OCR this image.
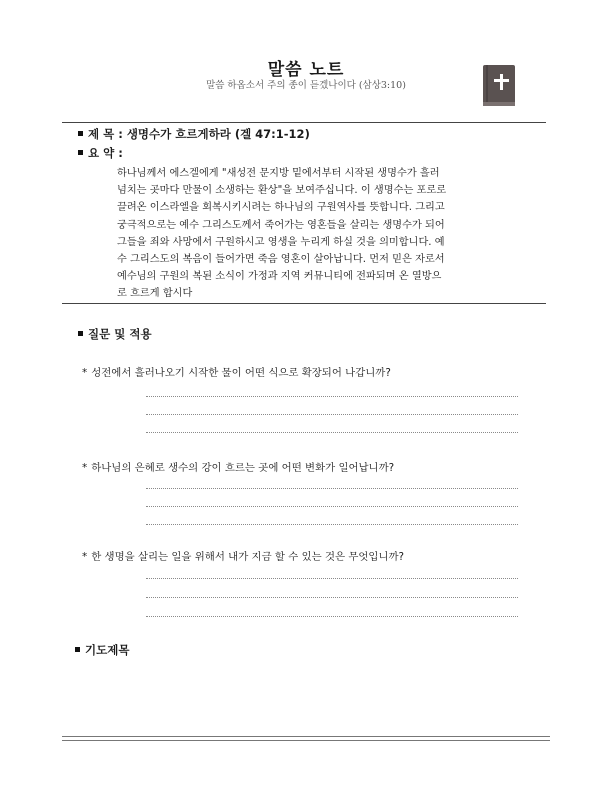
말씀 노트
말씀 하옵소서 주의 종이 듣겠나이다 (삼상3:10)
제 목 : 생명수가 흐르게하라 (겔 47:1-12)
요 약 :
하나님께서 에스겔에게 "새성전 문지방 밑에서부터 시작된 생명수가 흘러
넘치는 곳마다 만물이 소생하는 환상"을 보여주십니다. 이 생명수는 포로로
끌려온 이스라엘을 회복시키시려는 하나님의 구원역사를 뜻합니다. 그리고
궁극적으로는 예수 그리스도께서 죽어가는 영혼들을 살리는 생명수가 되어
그들을 죄와 사망에서 구원하시고 영생을 누리게 하실 것을 의미합니다. 예
수 그리스도의 복음이 들어가면 죽음 영혼이 살아납니다. 먼저 믿은 자로서
예수님의 구원의 복된 소식이 가정과 지역 커뮤니티에 전파되며 온 열방으
로 흐르게 합시다
질문 및 적용
* 성전에서 흘러나오기 시작한 물이 어떤 식으로 확장되어 나갑니까?
* 하나님의 은혜로 생수의 강이 흐르는 곳에 어떤 변화가 일어납니까?
* 한 생명을 살리는 일을 위해서 내가 지금 할 수 있는 것은 무엇입니까?
기도제목
